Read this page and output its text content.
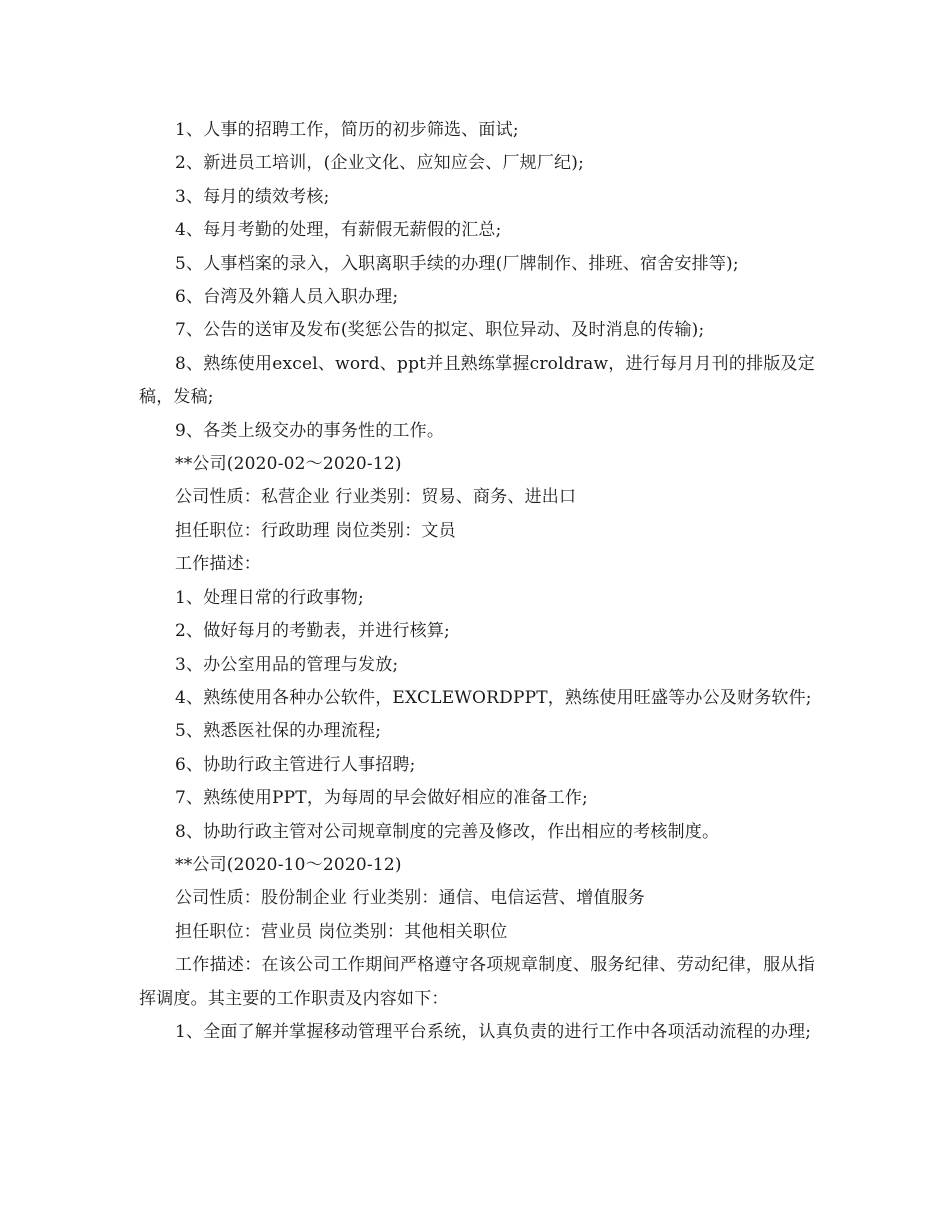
1、人事的招聘工作，简历的初步筛选、面试;

2、新进员工培训，(企业文化、应知应会、厂规厂纪);

3、每月的绩效考核;

4、每月考勤的处理，有薪假无薪假的汇总;

5、人事档案的录入，入职离职手续的办理(厂牌制作、排班、宿舍安排等);

6、台湾及外籍人员入职办理;

7、公告的送审及发布(奖惩公告的拟定、职位异动、及时消息的传输);

8、熟练使用excel、word、ppt并且熟练掌握croldraw，进行每月月刊的排版及定稿，发稿;

9、各类上级交办的事务性的工作。

**公司(2020-02～2020-12)

公司性质：私营企业 行业类别：贸易、商务、进出口

担任职位：行政助理 岗位类别：文员

工作描述：

1、处理日常的行政事物;

2、做好每月的考勤表，并进行核算;

3、办公室用品的管理与发放;

4、熟练使用各种办公软件，EXCLEWORDPPT，熟练使用旺盛等办公及财务软件;

5、熟悉医社保的办理流程;

6、协助行政主管进行人事招聘;

7、熟练使用PPT，为每周的早会做好相应的准备工作;

8、协助行政主管对公司规章制度的完善及修改，作出相应的考核制度。

**公司(2020-10～2020-12)

公司性质：股份制企业 行业类别：通信、电信运营、增值服务

担任职位：营业员 岗位类别：其他相关职位

工作描述：在该公司工作期间严格遵守各项规章制度、服务纪律、劳动纪律，服从指挥调度。其主要的工作职责及内容如下：

1、全面了解并掌握移动管理平台系统，认真负责的进行工作中各项活动流程的办理;
